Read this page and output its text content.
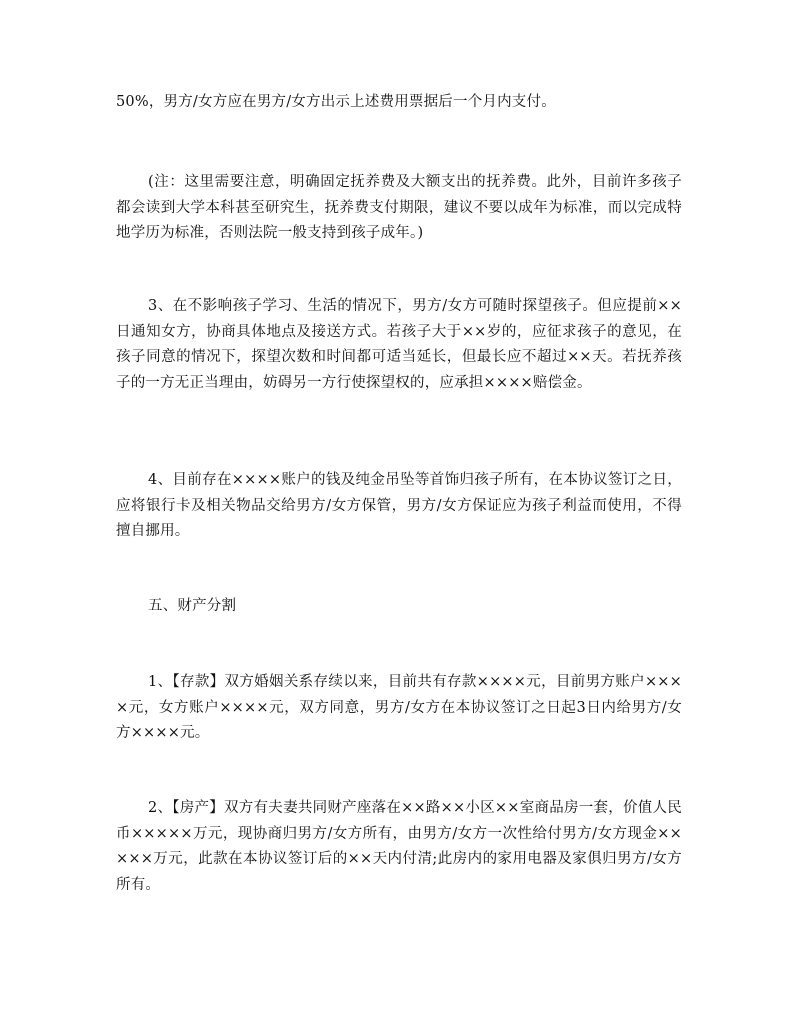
50%，男方/女方应在男方/女方出示上述费用票据后一个月内支付。

(注：这里需要注意，明确固定抚养费及大额支出的抚养费。此外，目前许多孩子都会读到大学本科甚至研究生，抚养费支付期限，建议不要以成年为标准，而以完成特地学历为标准，否则法院一般支持到孩子成年。)

3、在不影响孩子学习、生活的情况下，男方/女方可随时探望孩子。但应提前××日通知女方，协商具体地点及接送方式。若孩子大于××岁的，应征求孩子的意见，在孩子同意的情况下，探望次数和时间都可适当延长，但最长应不超过××天。若抚养孩子的一方无正当理由，妨碍另一方行使探望权的，应承担××××赔偿金。

4、目前存在××××账户的钱及纯金吊坠等首饰归孩子所有，在本协议签订之日，应将银行卡及相关物品交给男方/女方保管，男方/女方保证应为孩子利益而使用，不得擅自挪用。

五、财产分割

1、【存款】双方婚姻关系存续以来，目前共有存款××××元，目前男方账户××××元，女方账户××××元，双方同意，男方/女方在本协议签订之日起3日内给男方/女方××××元。

2、【房产】双方有夫妻共同财产座落在××路××小区××室商品房一套，价值人民币×××××万元，现协商归男方/女方所有，由男方/女方一次性给付男方/女方现金×××××万元，此款在本协议签订后的××天内付清;此房内的家用电器及家俱归男方/女方所有。
